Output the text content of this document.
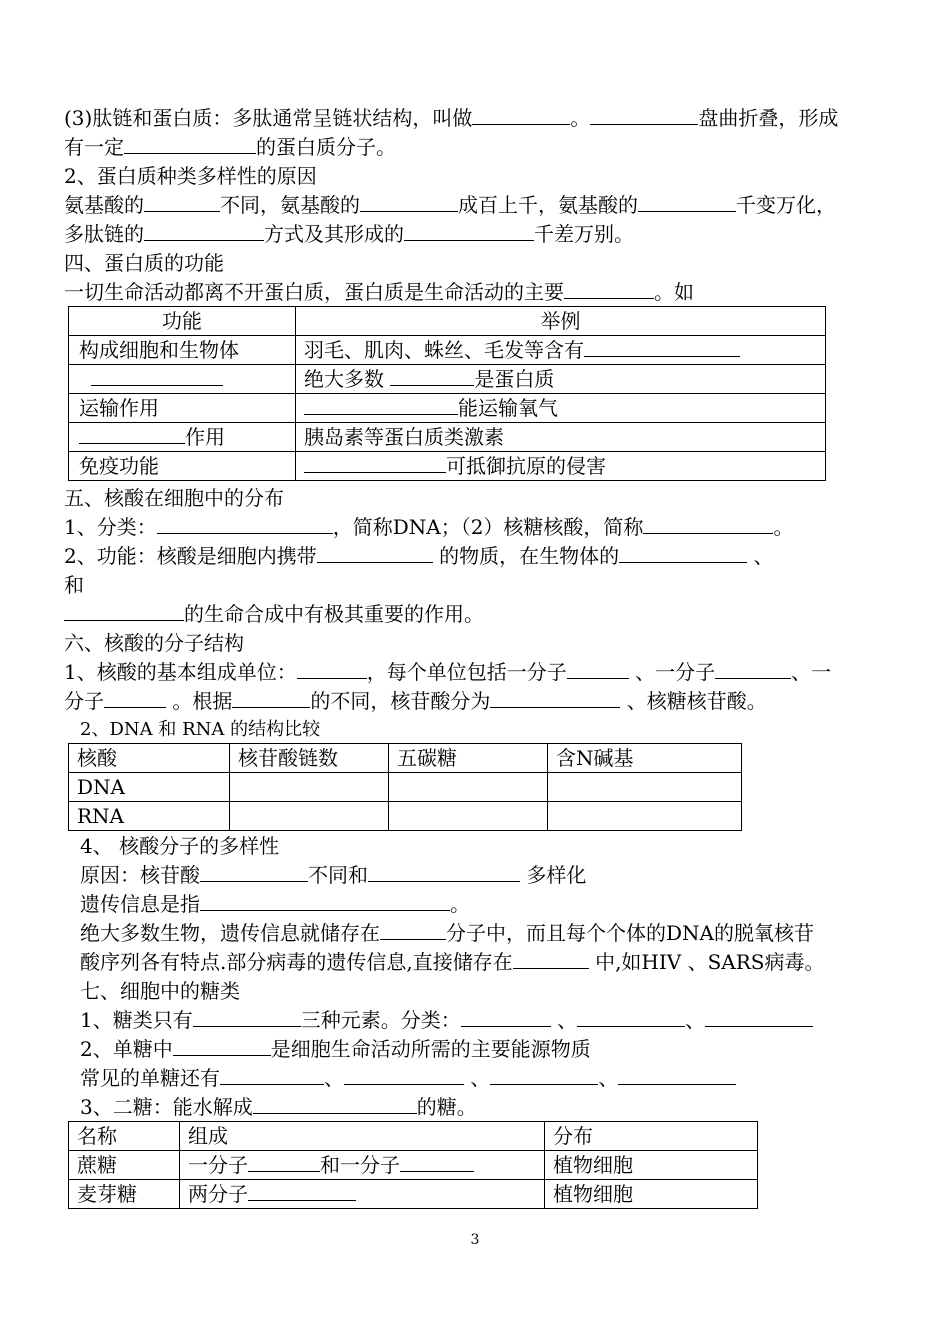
(3)肽链和蛋白质：多肽通常呈链状结构，叫做	。	盘曲折叠，形成
有一定	的蛋白质分子。
2、蛋白质种类多样性的原因
氨基酸的	不同，氨基酸的	成百上千，氨基酸的	千变万化，
多肽链的	方式及其形成的	千差万别。
四、蛋白质的功能
一切生命活动都离不开蛋白质，蛋白质是生命活动的主要	。如
功能	举例
构成细胞和生物体	羽毛、肌肉、蛛丝、毛发等含有
	绝大多数 是蛋白质
运输作用	能运输氧气
作用	胰岛素等蛋白质类激素
免疫功能	可抵御抗原的侵害
五、核酸在细胞中的分布
1、分类：	，简称DNA；（2）核糖核酸，简称	。
2、功能：核酸是细胞内携带	的物质，在生物体的	、
和
的生命合成中有极其重要的作用。
六、核酸的分子结构
1、核酸的基本组成单位：	，每个单位包括一分子	、一分子	、一
分子	。根据	的不同，核苷酸分为	、核糖核苷酸。
2、DNA 和 RNA 的结构比较
核酸	核苷酸链数	五碳糖	含N碱基
DNA			
RNA			
4、 核酸分子的多样性
原因：核苷酸	不同和	多样化
遗传信息是指	。
绝大多数生物，遗传信息就储存在	分子中，而且每个个体的DNA的脱氧核苷
酸序列各有特点.部分病毒的遗传信息,直接储存在	中,如HIV 、SARS病毒。
七、细胞中的糖类
1、糖类只有	三种元素。分类：	、	、
2、单糖中	是细胞生命活动所需的主要能源物质
常见的单糖还有	、	、	、
3、二糖：能水解成	的糖。
名称	组成	分布
蔗糖	一分子 和一分子	植物细胞
麦芽糖	两分子	植物细胞
3
